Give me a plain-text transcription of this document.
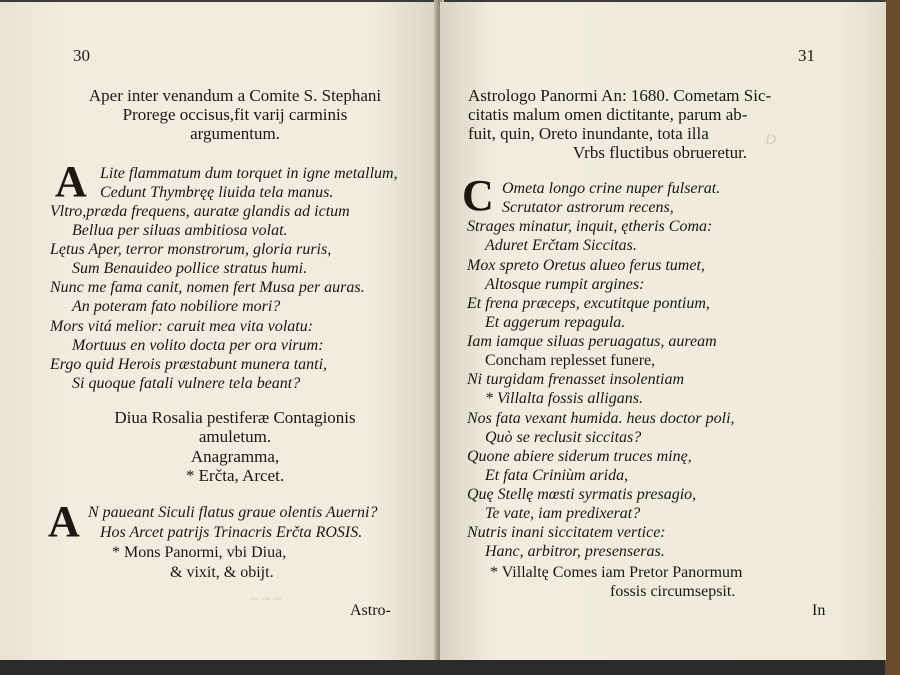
~ ~ ~
30
Aper inter venandum a Comite S. Stephani
Prorege occisus,fit varij carminis
argumentum.
A Lite flammatum dum torquet in igne metallum,
Cedunt Thymbręę liuida tela manus.
Vltro,præda frequens, auratæ glandis ad ictum
Bellua per siluas ambitiosa volat.
Lętus Aper, terror monstrorum, gloria ruris,
Sum Benauideo pollice stratus humi.
Nunc me fama canit, nomen fert Musa per auras.
An poteram fato nobiliore mori?
Mors vitá melior: caruit mea vita volatu:
Mortuus en volito docta per ora virum:
Ergo quid Herois præstabunt munera tanti,
Si quoque fatali vulnere tela beant?
Diua Rosalia pestiferæ Contagionis
amuletum.
Anagramma,
* Erčta, Arcet.
A N paueant Siculi flatus graue olentis Auerni?
Hos Arcet patrijs Trinacris Erčta ROSIS.
* Mons Panormi, vbi Diua,
& vixit, & obijt.
Astro-
D
31
Astrologo Panormi An: 1680. Cometam Sic-
citatis malum omen dictitante, parum ab-
fuit, quin, Oreto inundante, tota illa
Vrbs fluctibus obrueretur.
C Ometa longo crine nuper fulserat.
Scrutator astrorum recens,
Strages minatur, inquit, ętheris Coma:
Aduret Erčtam Siccitas.
Mox spreto Oretus alueo ferus tumet,
Altosque rumpit argines:
Et frena præceps, excutitque pontium,
Et aggerum repagula.
Iam iamque siluas peruagatus, auream
Concham replesset funere,
Ni turgidam frenasset insolentiam
* Villalta fossis alligans.
Nos fata vexant humida. heus doctor poli,
Quò se reclusit siccitas?
Quone abiere siderum truces minę,
Et fata Criniùm arida,
Quę Stellę mœsti syrmatis presagio,
Te vate, iam predixerat?
Nutris inani siccitatem vertice:
Hanc, arbitror, presenseras.
* Villaltę Comes iam Pretor Panormum
fossis circumsepsit.
In
